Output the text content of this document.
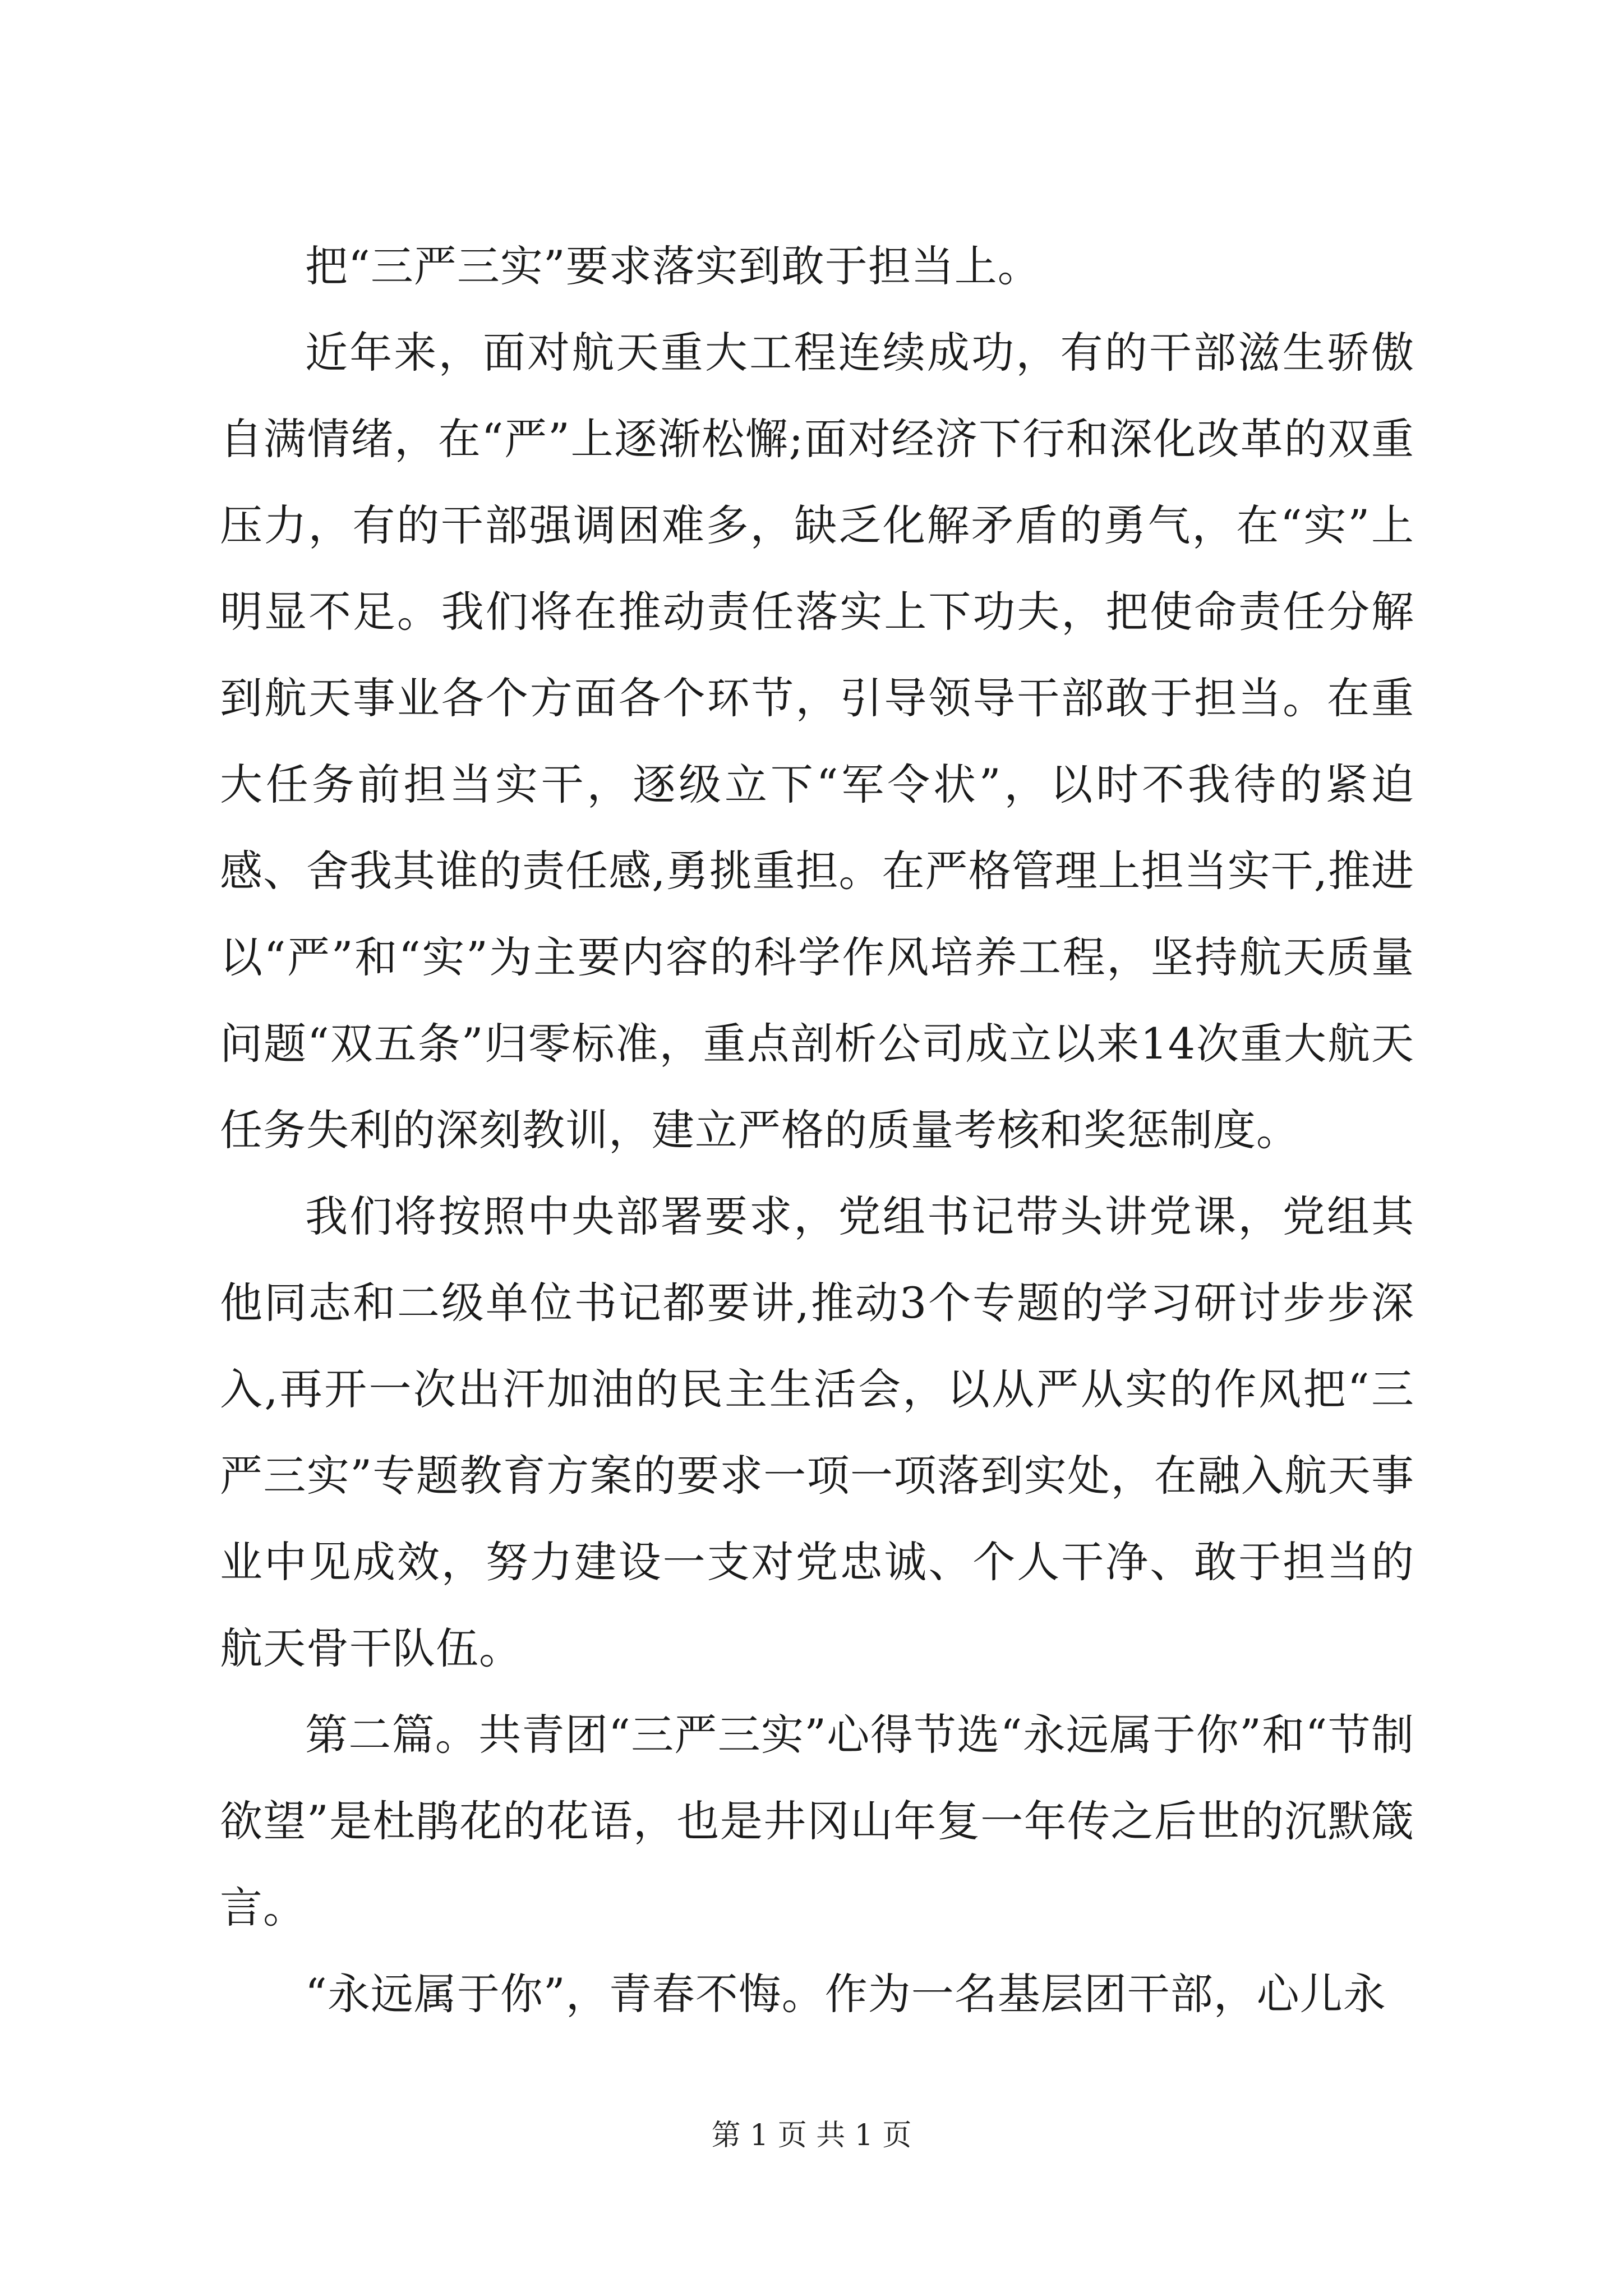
把“三严三实”要求落实到敢于担当上。

近年来，面对航天重大工程连续成功，有的干部滋生骄傲自满情绪，在“严”上逐渐松懈;面对经济下行和深化改革的双重压力，有的干部强调困难多，缺乏化解矛盾的勇气，在“实”上明显不足。我们将在推动责任落实上下功夫，把使命责任分解到航天事业各个方面各个环节，引导领导干部敢于担当。在重大任务前担当实干，逐级立下“军令状”，以时不我待的紧迫感、舍我其谁的责任感,勇挑重担。在严格管理上担当实干,推进以“严”和“实”为主要内容的科学作风培养工程，坚持航天质量问题“双五条”归零标准，重点剖析公司成立以来14次重大航天任务失利的深刻教训，建立严格的质量考核和奖惩制度。

我们将按照中央部署要求，党组书记带头讲党课，党组其他同志和二级单位书记都要讲,推动3个专题的学习研讨步步深入,再开一次出汗加油的民主生活会，以从严从实的作风把“三严三实”专题教育方案的要求一项一项落到实处，在融入航天事业中见成效，努力建设一支对党忠诚、个人干净、敢于担当的航天骨干队伍。

第二篇。共青团“三严三实”心得节选“永远属于你”和“节制欲望”是杜鹃花的花语，也是井冈山年复一年传之后世的沉默箴言。

“永远属于你”，青春不悔。作为一名基层团干部，心儿永

第 1 页 共 1 页
